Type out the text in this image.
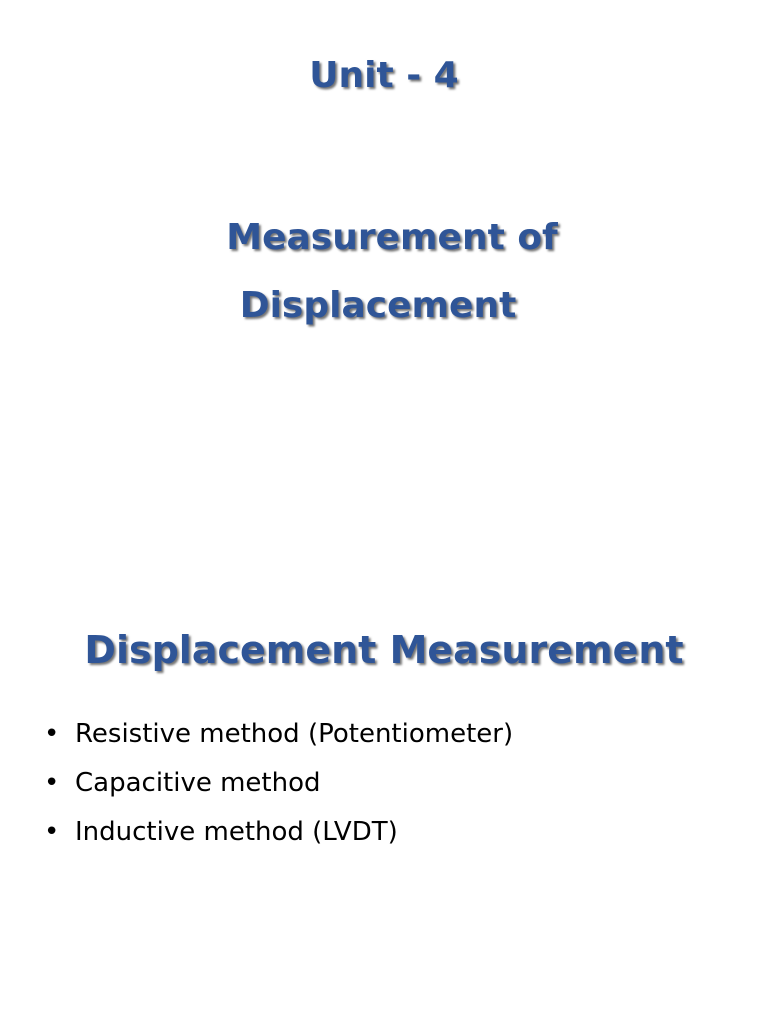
Unit - 4
Measurement of
Displacement
Displacement Measurement
• Resistive method (Potentiometer)
• Capacitive method
• Inductive method (LVDT)
